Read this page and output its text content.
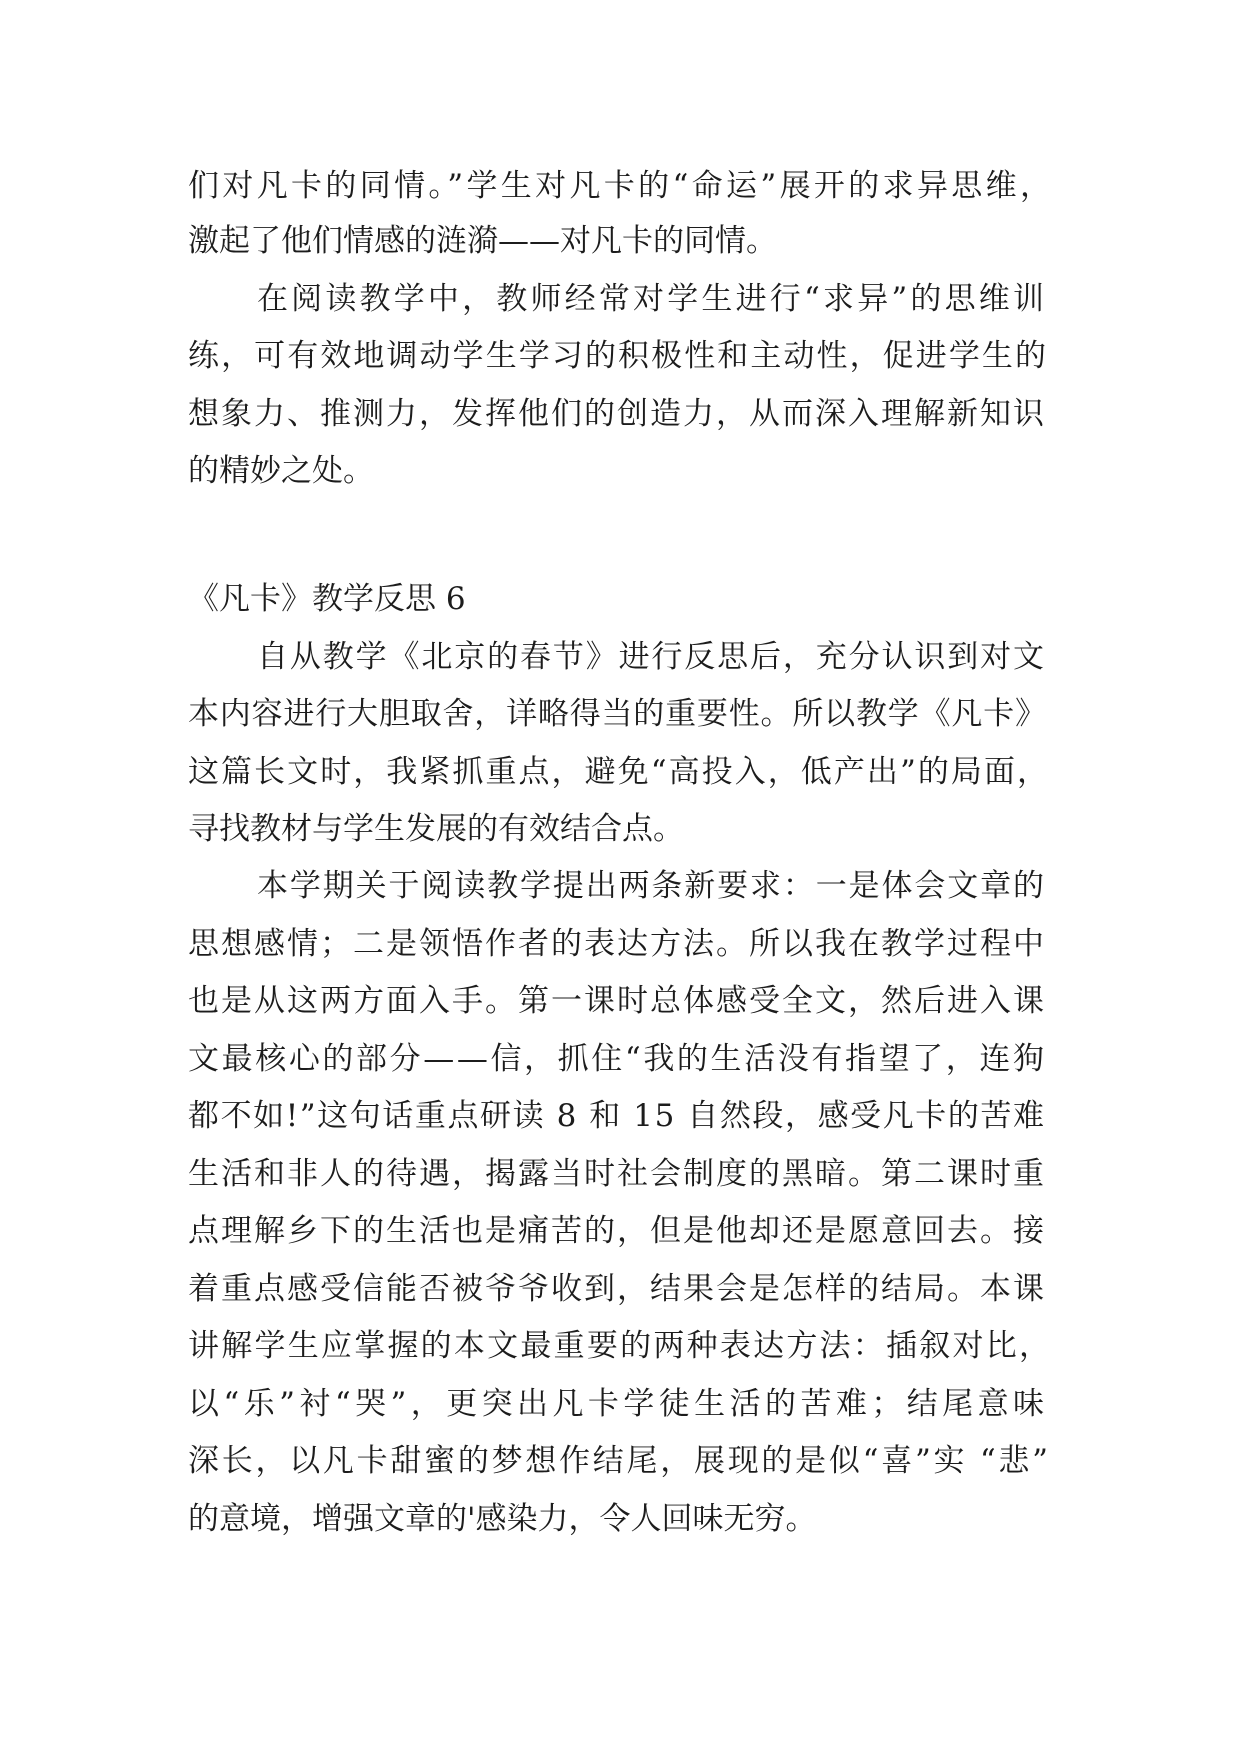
们对凡卡的同情。”学生对凡卡的“命运”展开的求异思维，
激起了他们情感的涟漪——对凡卡的同情。
在阅读教学中，教师经常对学生进行“求异”的思维训
练，可有效地调动学生学习的积极性和主动性，促进学生的
想象力、推测力，发挥他们的创造力，从而深入理解新知识
的精妙之处。
《凡卡》教学反思 6
自从教学《北京的春节》进行反思后，充分认识到对文
本内容进行大胆取舍，详略得当的重要性。所以教学《凡卡》
这篇长文时，我紧抓重点，避免“高投入，低产出”的局面，
寻找教材与学生发展的有效结合点。
本学期关于阅读教学提出两条新要求：一是体会文章的
思想感情；二是领悟作者的表达方法。所以我在教学过程中
也是从这两方面入手。第一课时总体感受全文，然后进入课
文最核心的部分——信，抓住“我的生活没有指望了，连狗
都不如!”这句话重点研读 8 和 15 自然段，感受凡卡的苦难
生活和非人的待遇，揭露当时社会制度的黑暗。第二课时重
点理解乡下的生活也是痛苦的，但是他却还是愿意回去。接
着重点感受信能否被爷爷收到，结果会是怎样的结局。本课
讲解学生应掌握的本文最重要的两种表达方法：插叙对比，
以“乐”衬“哭”，更突出凡卡学徒生活的苦难；结尾意味
深长，以凡卡甜蜜的梦想作结尾，展现的是似“喜”实 “悲”
的意境，增强文章的'感染力，令人回味无穷。
